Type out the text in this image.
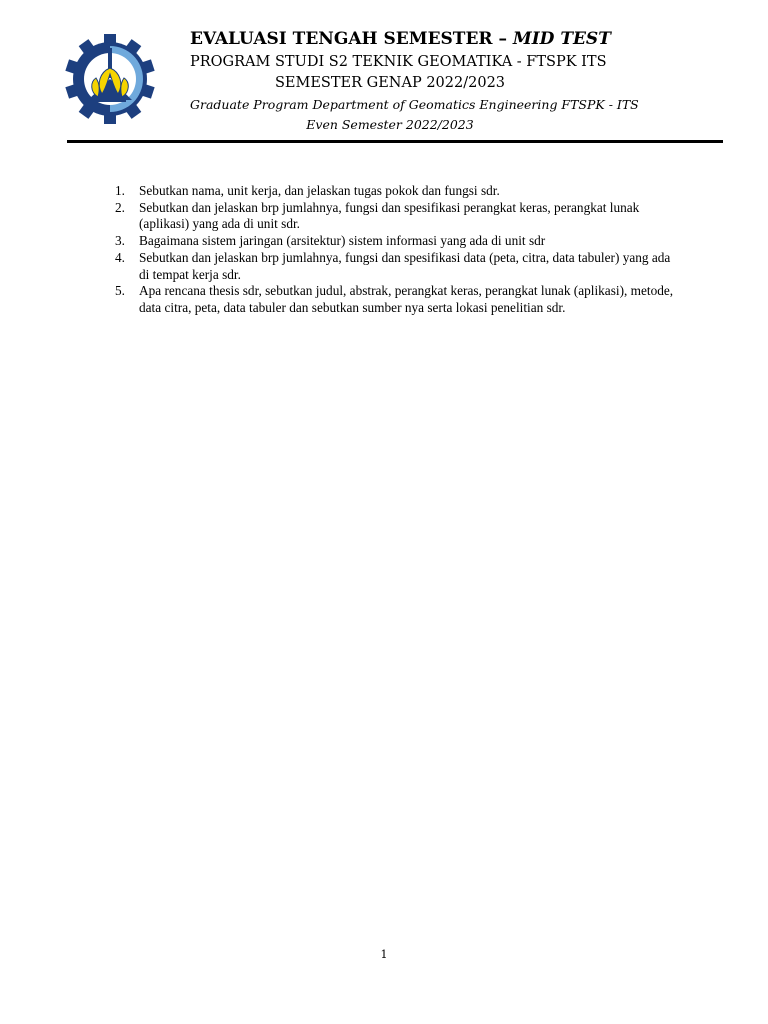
EVALUASI TENGAH SEMESTER – MID TEST
PROGRAM STUDI S2 TEKNIK GEOMATIKA - FTSPK ITS
SEMESTER GENAP 2022/2023
Graduate Program Department of Geomatics Engineering FTSPK - ITS
Even Semester 2022/2023
1. Sebutkan nama, unit kerja, dan jelaskan tugas pokok dan fungsi sdr.
2. Sebutkan dan jelaskan brp jumlahnya, fungsi dan spesifikasi perangkat keras, perangkat lunak (aplikasi) yang ada di unit sdr.
3. Bagaimana sistem jaringan (arsitektur) sistem informasi yang ada di unit sdr
4. Sebutkan dan jelaskan brp jumlahnya, fungsi dan spesifikasi data (peta, citra, data tabuler) yang ada di tempat kerja sdr.
5. Apa rencana thesis sdr, sebutkan judul, abstrak, perangkat keras, perangkat lunak (aplikasi), metode, data citra, peta, data tabuler dan sebutkan sumber nya serta lokasi penelitian sdr.
1
